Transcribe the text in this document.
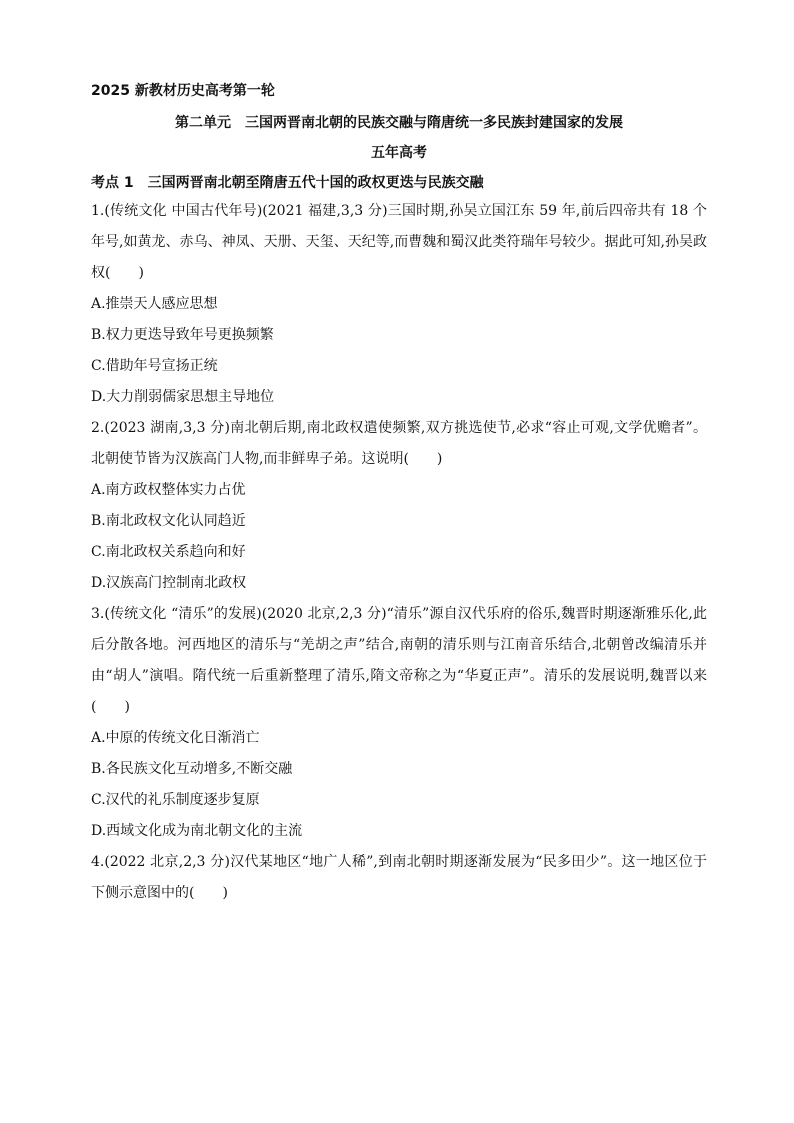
2025 新教材历史高考第一轮
第二单元　三国两晋南北朝的民族交融与隋唐统一多民族封建国家的发展
五年高考
考点 1 三国两晋南北朝至隋唐五代十国的政权更迭与民族交融
1.(传统文化 中国古代年号)(2021 福建,3,3 分)三国时期,孙吴立国江东 59 年,前后四帝共有 18 个年号,如黄龙、赤乌、神凤、天册、天玺、天纪等,而曹魏和蜀汉此类符瑞年号较少。据此可知,孙吴政权(　　)
A.推崇天人感应思想
B.权力更迭导致年号更换频繁
C.借助年号宣扬正统
D.大力削弱儒家思想主导地位
2.(2023 湖南,3,3 分)南北朝后期,南北政权遣使频繁,双方挑选使节,必求“容止可观,文学优赡者”。北朝使节皆为汉族高门人物,而非鲜卑子弟。这说明(　　)
A.南方政权整体实力占优
B.南北政权文化认同趋近
C.南北政权关系趋向和好
D.汉族高门控制南北政权
3.(传统文化 “清乐”的发展)(2020 北京,2,3 分)“清乐”源自汉代乐府的俗乐,魏晋时期逐渐雅乐化,此后分散各地。河西地区的清乐与“羌胡之声”结合,南朝的清乐则与江南音乐结合,北朝曾改编清乐并由“胡人”演唱。隋代统一后重新整理了清乐,隋文帝称之为“华夏正声”。清乐的发展说明,魏晋以来(　　)
A.中原的传统文化日渐消亡
B.各民族文化互动增多,不断交融
C.汉代的礼乐制度逐步复原
D.西域文化成为南北朝文化的主流
4.(2022 北京,2,3 分)汉代某地区“地广人稀”,到南北朝时期逐渐发展为“民多田少”。这一地区位于下侧示意图中的(　　)
